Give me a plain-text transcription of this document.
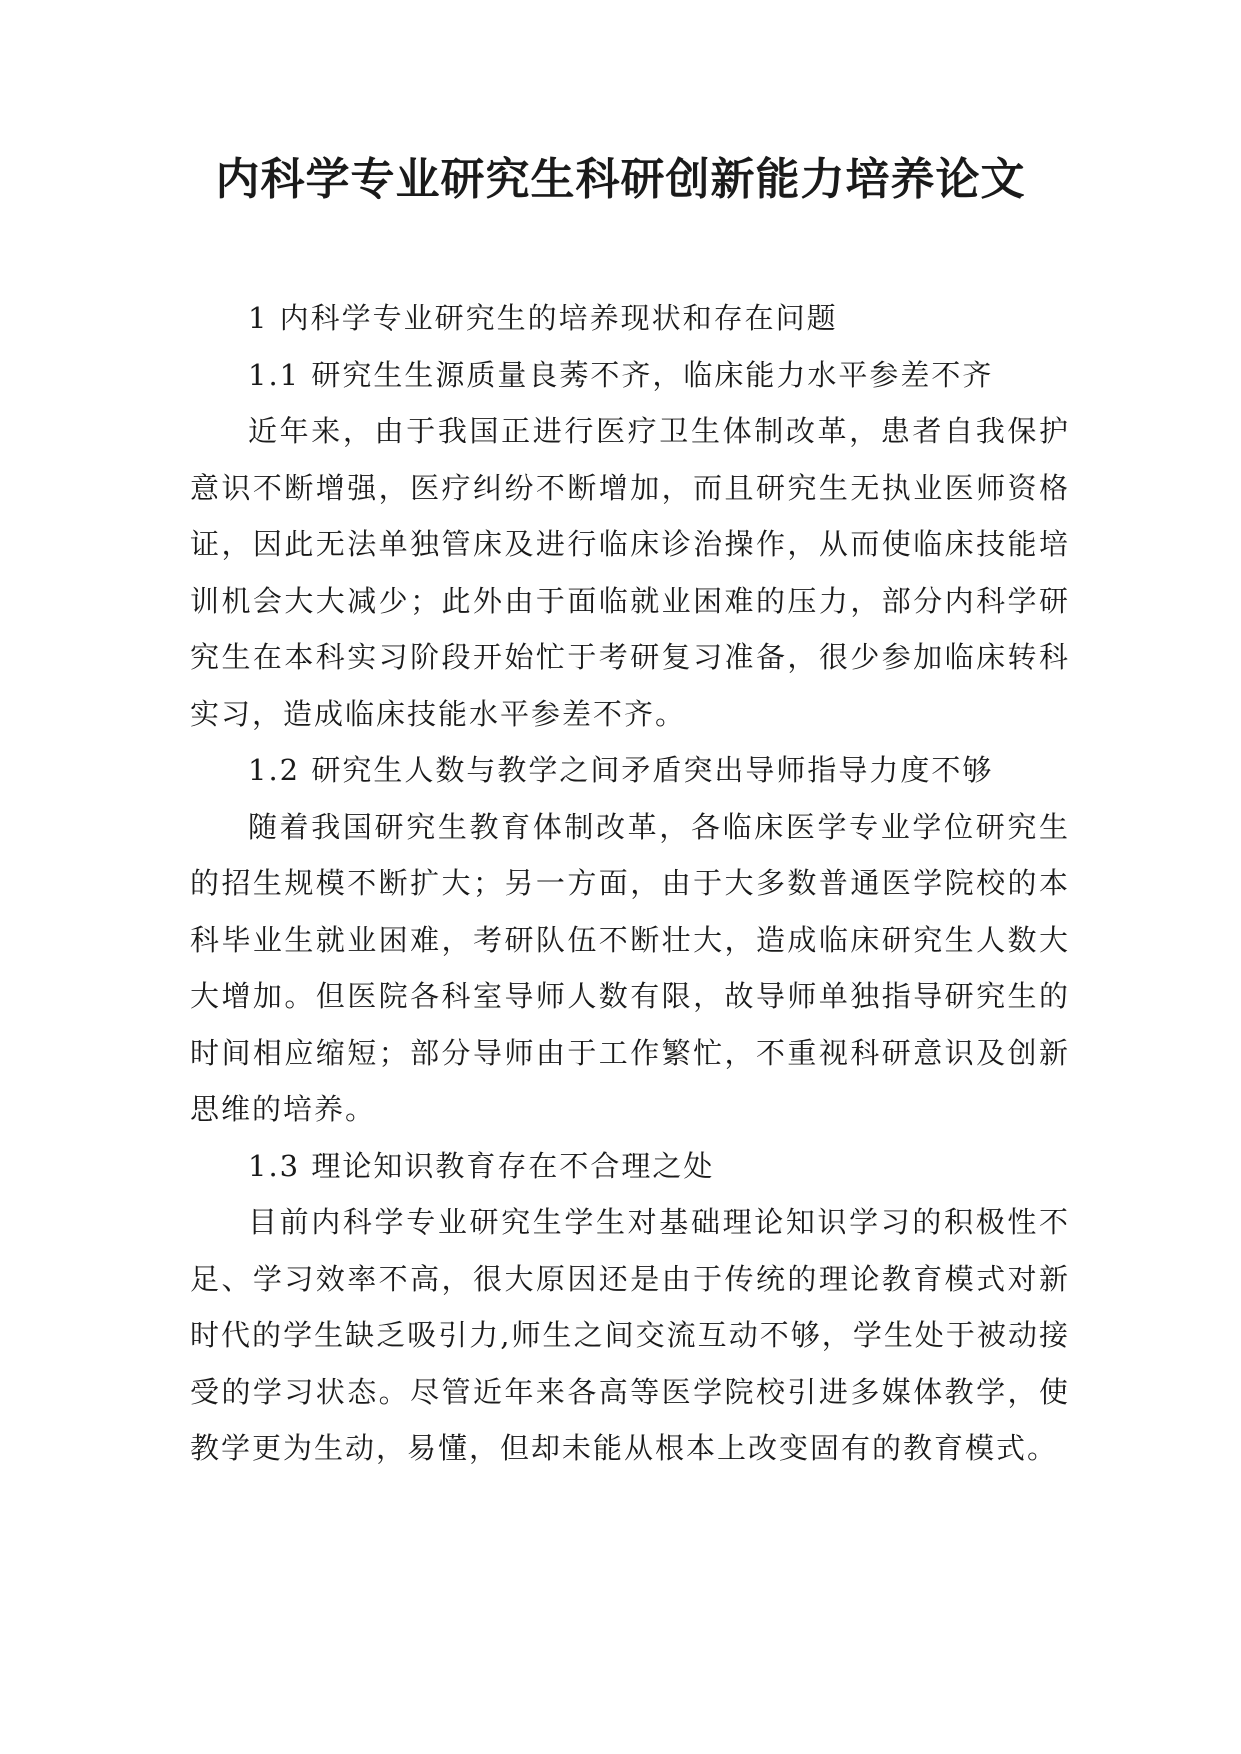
内科学专业研究生科研创新能力培养论文

1 内科学专业研究生的培养现状和存在问题

1.1 研究生生源质量良莠不齐，临床能力水平参差不齐

近年来，由于我国正进行医疗卫生体制改革，患者自我保护意识不断增强，医疗纠纷不断增加，而且研究生无执业医师资格证，因此无法单独管床及进行临床诊治操作，从而使临床技能培训机会大大减少；此外由于面临就业困难的压力，部分内科学研究生在本科实习阶段开始忙于考研复习准备，很少参加临床转科实习，造成临床技能水平参差不齐。

1.2 研究生人数与教学之间矛盾突出导师指导力度不够

随着我国研究生教育体制改革，各临床医学专业学位研究生的招生规模不断扩大；另一方面，由于大多数普通医学院校的本科毕业生就业困难，考研队伍不断壮大，造成临床研究生人数大大增加。但医院各科室导师人数有限，故导师单独指导研究生的时间相应缩短；部分导师由于工作繁忙，不重视科研意识及创新思维的培养。

1.3 理论知识教育存在不合理之处

目前内科学专业研究生学生对基础理论知识学习的积极性不足、学习效率不高，很大原因还是由于传统的理论教育模式对新时代的学生缺乏吸引力,师生之间交流互动不够，学生处于被动接受的学习状态。尽管近年来各高等医学院校引进多媒体教学，使教学更为生动，易懂，但却未能从根本上改变固有的教育模式。
